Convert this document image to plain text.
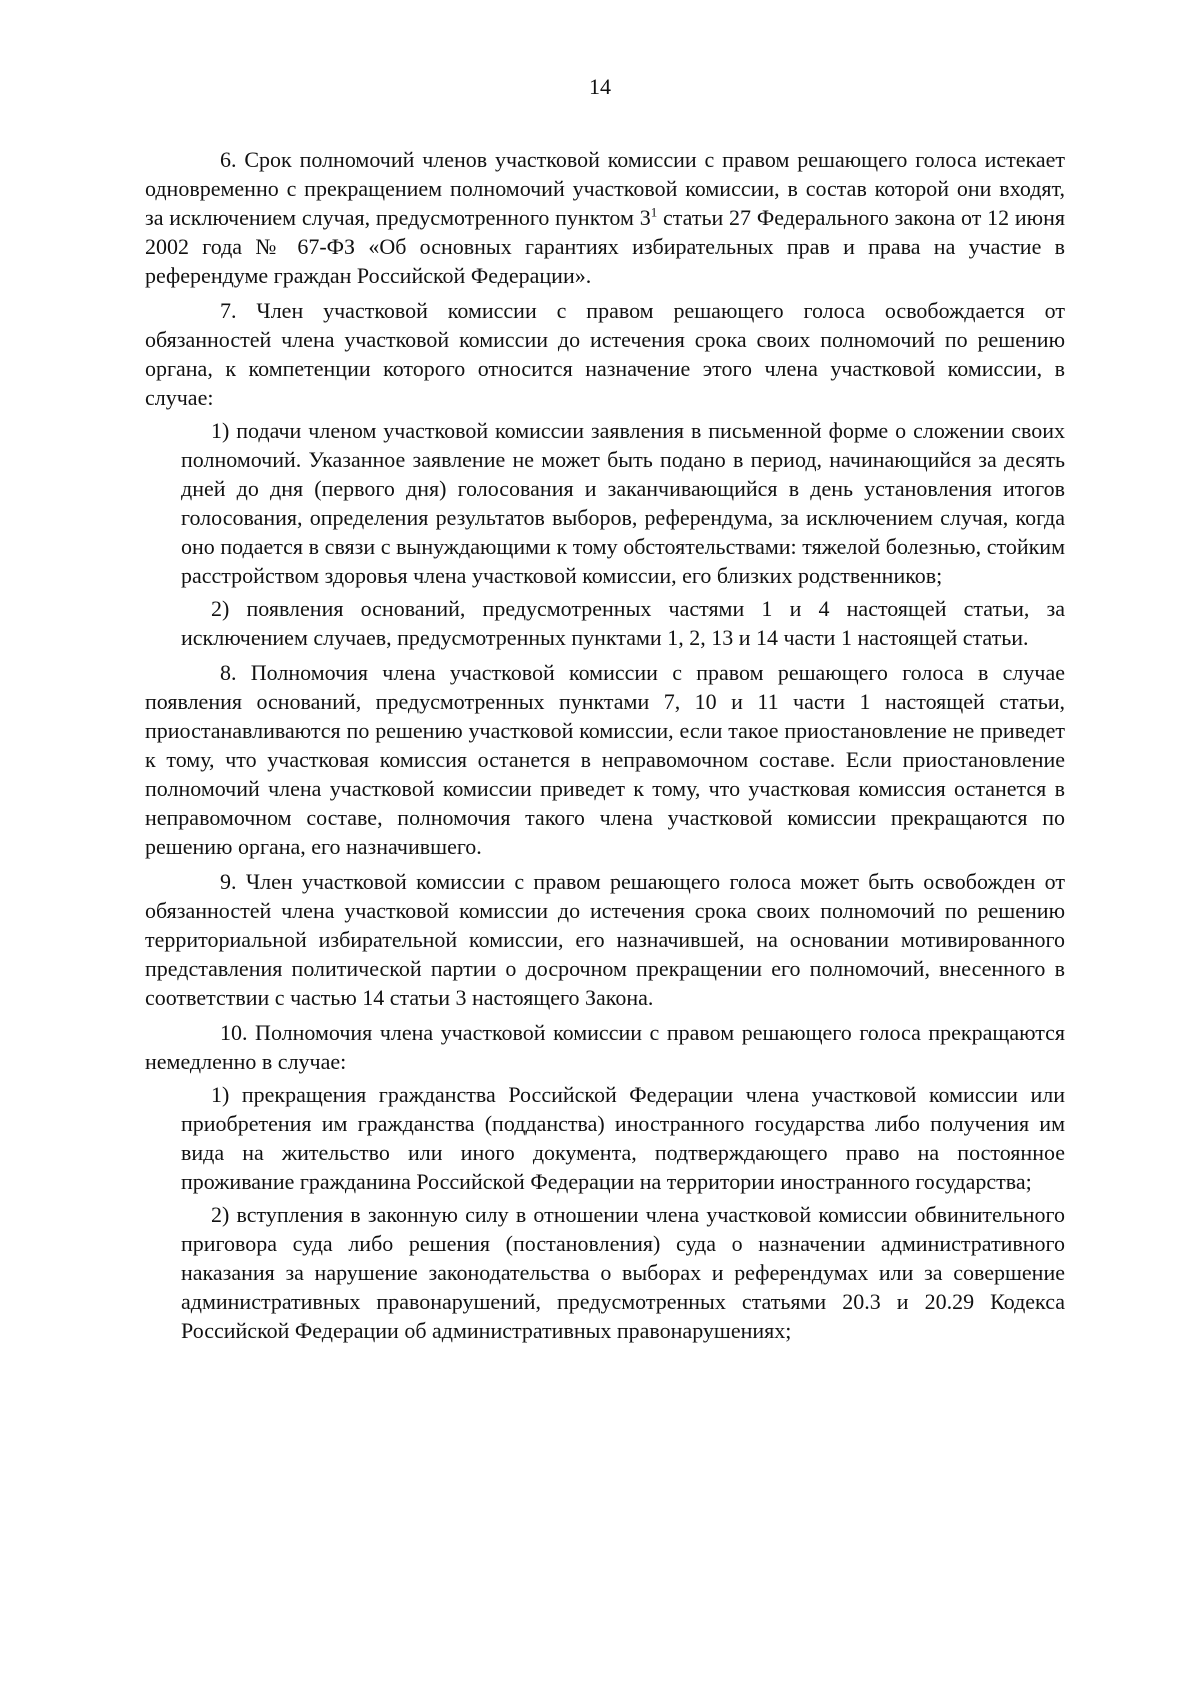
14

6. Срок полномочий членов участковой комиссии с правом решающего голоса истекает одновременно с прекращением полномочий участковой комиссии, в состав которой они входят, за исключением случая, предусмотренного пунктом $3^1$ статьи 27 Федерального закона от 12 июня 2002 года № 67-ФЗ «Об основных гарантиях избирательных прав и права на участие в референдуме граждан Российской Федерации».

7. Член участковой комиссии с правом решающего голоса освобождается от обязанностей члена участковой комиссии до истечения срока своих полномочий по решению органа, к компетенции которого относится назначение этого члена участковой комиссии, в случае:

1) подачи членом участковой комиссии заявления в письменной форме о сложении своих полномочий. Указанное заявление не может быть подано в период, начинающийся за десять дней до дня (первого дня) голосования и заканчивающийся в день установления итогов голосования, определения результатов выборов, референдума, за исключением случая, когда оно подается в связи с вынуждающими к тому обстоятельствами: тяжелой болезнью, стойким расстройством здоровья члена участковой комиссии, его близких родственников;

2) появления оснований, предусмотренных частями 1 и 4 настоящей статьи, за исключением случаев, предусмотренных пунктами 1, 2, 13 и 14 части 1 настоящей статьи.

8. Полномочия члена участковой комиссии с правом решающего голоса в случае появления оснований, предусмотренных пунктами 7, 10 и 11 части 1 настоящей статьи, приостанавливаются по решению участковой комиссии, если такое приостановление не приведет к тому, что участковая комиссия останется в неправомочном составе. Если приостановление полномочий члена участковой комиссии приведет к тому, что участковая комиссия останется в неправомочном составе, полномочия такого члена участковой комиссии прекращаются по решению органа, его назначившего.

9. Член участковой комиссии с правом решающего голоса может быть освобожден от обязанностей члена участковой комиссии до истечения срока своих полномочий по решению территориальной избирательной комиссии, его назначившей, на основании мотивированного представления политической партии о досрочном прекращении его полномочий, внесенного в соответствии с частью 14 статьи 3 настоящего Закона.

10. Полномочия члена участковой комиссии с правом решающего голоса прекращаются немедленно в случае:

1) прекращения гражданства Российской Федерации члена участковой комиссии или приобретения им гражданства (подданства) иностранного государства либо получения им вида на жительство или иного документа, подтверждающего право на постоянное проживание гражданина Российской Федерации на территории иностранного государства;

2) вступления в законную силу в отношении члена участковой комиссии обвинительного приговора суда либо решения (постановления) суда о назначении административного наказания за нарушение законодательства о выборах и референдумах или за совершение административных правонарушений, предусмотренных статьями 20.3 и 20.29 Кодекса Российской Федерации об административных правонарушениях;
